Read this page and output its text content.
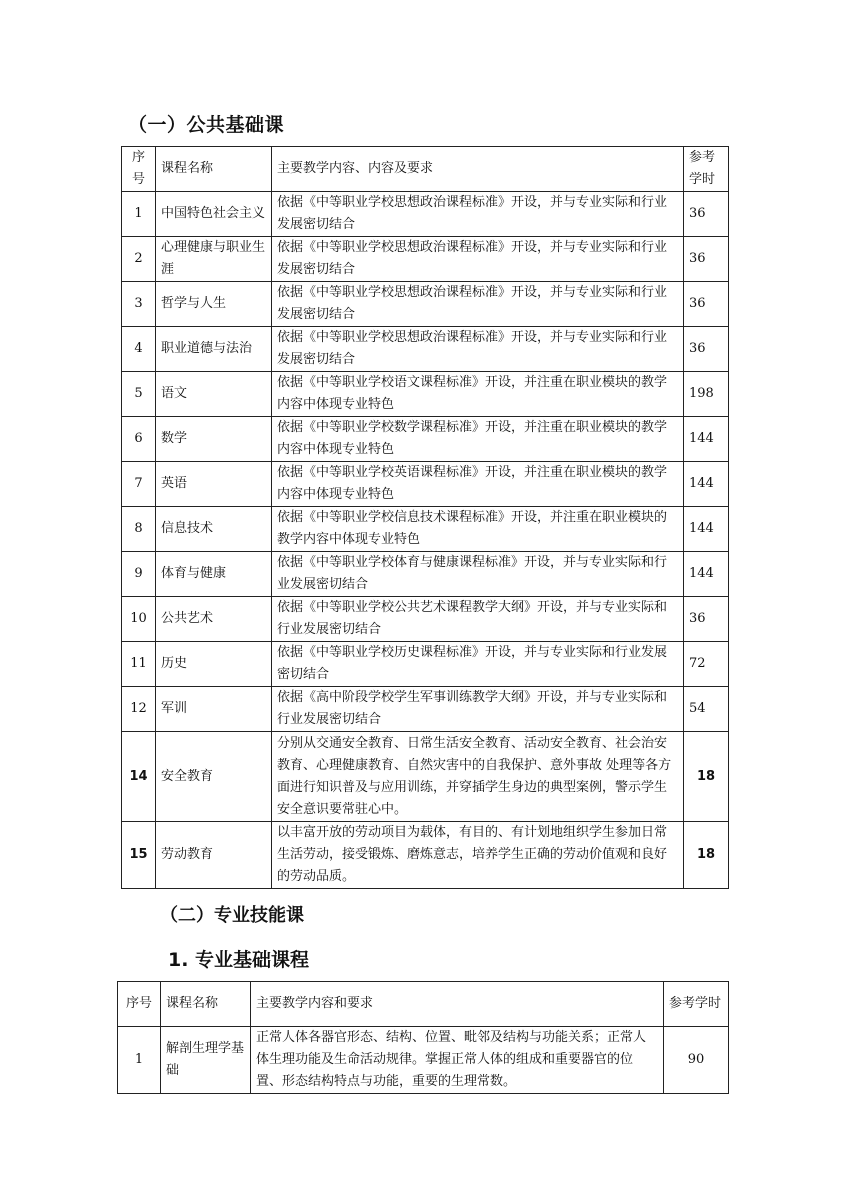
（一）公共基础课
序号	课程名称	主要教学内容、内容及要求	参考学时
1	中国特色社会主义	依据《中等职业学校思想政治课程标准》开设，并与专业实际和行业发展密切结合	36
2	心理健康与职业生涯	依据《中等职业学校思想政治课程标准》开设，并与专业实际和行业发展密切结合	36
3	哲学与人生	依据《中等职业学校思想政治课程标准》开设，并与专业实际和行业发展密切结合	36
4	职业道德与法治	依据《中等职业学校思想政治课程标准》开设，并与专业实际和行业发展密切结合	36
5	语文	依据《中等职业学校语文课程标准》开设，并注重在职业模块的教学内容中体现专业特色	198
6	数学	依据《中等职业学校数学课程标准》开设，并注重在职业模块的教学内容中体现专业特色	144
7	英语	依据《中等职业学校英语课程标准》开设，并注重在职业模块的教学内容中体现专业特色	144
8	信息技术	依据《中等职业学校信息技术课程标准》开设，并注重在职业模块的教学内容中体现专业特色	144
9	体育与健康	依据《中等职业学校体育与健康课程标准》开设，并与专业实际和行业发展密切结合	144
10	公共艺术	依据《中等职业学校公共艺术课程教学大纲》开设，并与专业实际和行业发展密切结合	36
11	历史	依据《中等职业学校历史课程标准》开设，并与专业实际和行业发展密切结合	72
12	军训	依据《高中阶段学校学生军事训练教学大纲》开设，并与专业实际和行业发展密切结合	54
14	安全教育	分别从交通安全教育、日常生活安全教育、活动安全教育、社会治安教育、心理健康教育、自然灾害中的自我保护、意外事故 处理等各方面进行知识普及与应用训练，并穿插学生身边的典型案例，警示学生安全意识要常驻心中。	18
15	劳动教育	以丰富开放的劳动项目为载体，有目的、有计划地组织学生参加日常生活劳动，接受锻炼、磨炼意志，培养学生正确的劳动价值观和良好的劳动品质。	18
（二）专业技能课
1. 专业基础课程
序号	课程名称	主要教学内容和要求	参考学时
1	解剖生理学基础	正常人体各器官形态、结构、位置、毗邻及结构与功能关系；正常人体生理功能及生命活动规律。掌握正常人体的组成和重要器官的位置、形态结构特点与功能，重要的生理常数。	90
